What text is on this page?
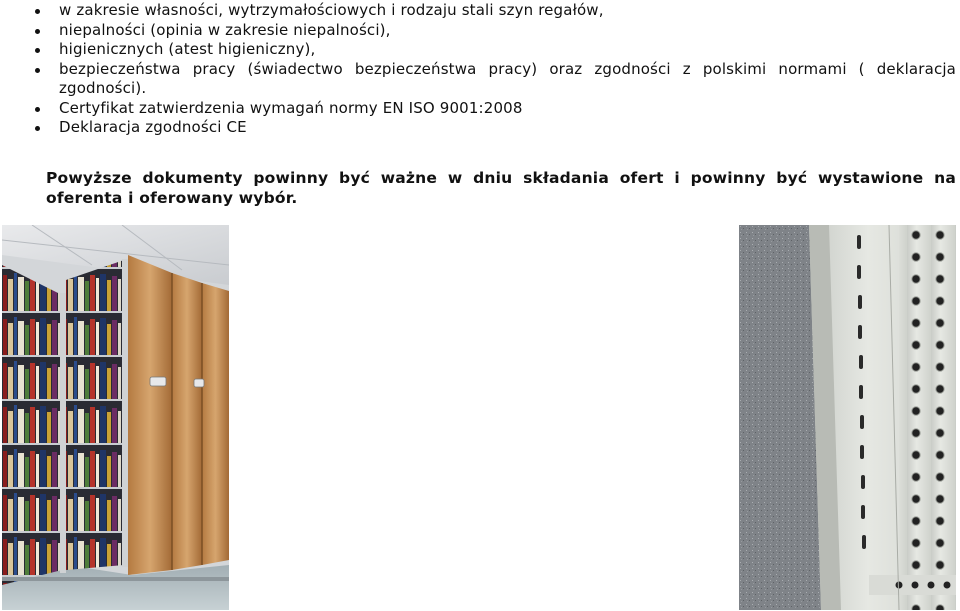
w zakresie własności, wytrzymałościowych i rodzaju stali szyn regałów,
niepalności (opinia w zakresie niepalności),
higienicznych (atest higieniczny),
bezpieczeństwa pracy (świadectwo bezpieczeństwa pracy) oraz zgodności z polskimi normami ( deklaracja zgodności).
Certyfikat zatwierdzenia wymagań normy EN ISO 9001:2008
Deklaracja zgodności CE

Powyższe dokumenty powinny być ważne w dniu składania ofert i powinny być wystawione na oferenta i oferowany wybór.
